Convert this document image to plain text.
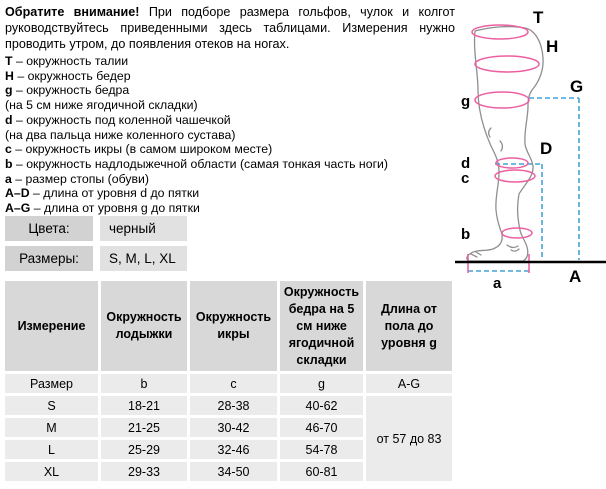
Обратите внимание! При подборе размера гольфов, чулок и колгот руководствуйтесь приведенными здесь таблицами. Измерения нужно проводить утром, до появления отеков на ногах.
T – окружность талии
H – окружность бедер
g – окружность бедра
(на 5 см ниже ягодичной складки)
d – окружность под коленной чашечкой
(на два пальца ниже коленного сустава)
c – окружность икры (в самом широком месте)
b – окружность надлодыжечной области (самая тонкая часть ноги)
a – размер стопы (обуви)
A–D – длина от уровня d до пятки
A–G – длина от уровня g до пятки
Цвета:	черный
Размеры:	S, M, L, XL
Измерение	Окружность лодыжки	Окружность икры	Окружность бедра на 5 см ниже ягодичной складки	Длина от пола до уровня g
Размер	b	c	g	A-G
S	18-21	28-38	40-62	от 57 до 83
M	21-25	30-42	46-70	
L	25-29	32-46	54-78	
XL	29-33	34-50	60-81	
T
H
G
D
A
g
d
c
b
a
